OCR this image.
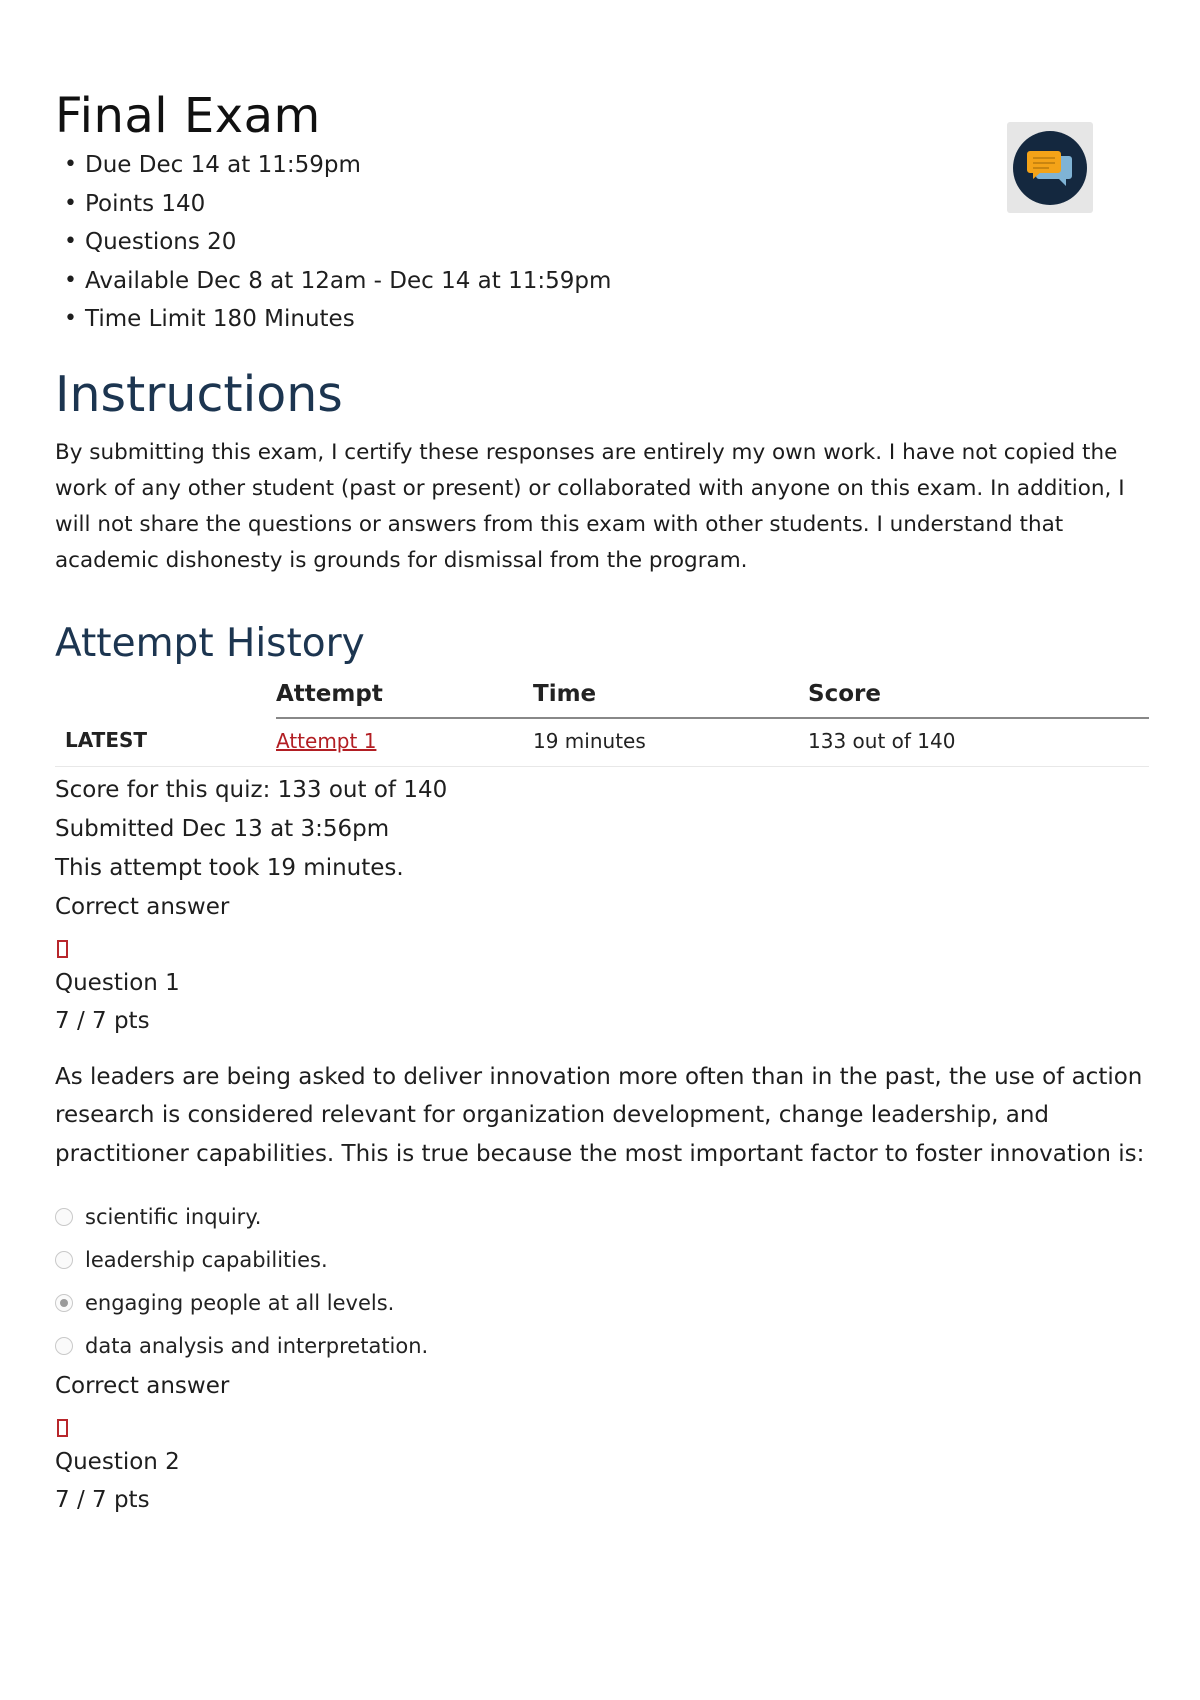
Final Exam
• Due Dec 14 at 11:59pm
• Points 140
• Questions 20
• Available Dec 8 at 12am - Dec 14 at 11:59pm
• Time Limit 180 Minutes
Instructions

By submitting this exam, I certify these responses are entirely my own work. I have not copied the work of any other student (past or present) or collaborated with anyone on this exam. In addition, I will not share the questions or answers from this exam with other students. I understand that academic dishonesty is grounds for dismissal from the program.

Attempt History
	Attempt	Time	Score
LATEST	Attempt 1	19 minutes	133 out of 140
Score for this quiz: 133 out of 140
Submitted Dec 13 at 3:56pm
This attempt took 19 minutes.
Correct answer
Question 1
7 / 7 pts

As leaders are being asked to deliver innovation more often than in the past, the use of action research is considered relevant for organization development, change leadership, and practitioner capabilities. This is true because the most important factor to foster innovation is:

scientific inquiry.
leadership capabilities.
engaging people at all levels.
data analysis and interpretation.
Correct answer
Question 2
7 / 7 pts
